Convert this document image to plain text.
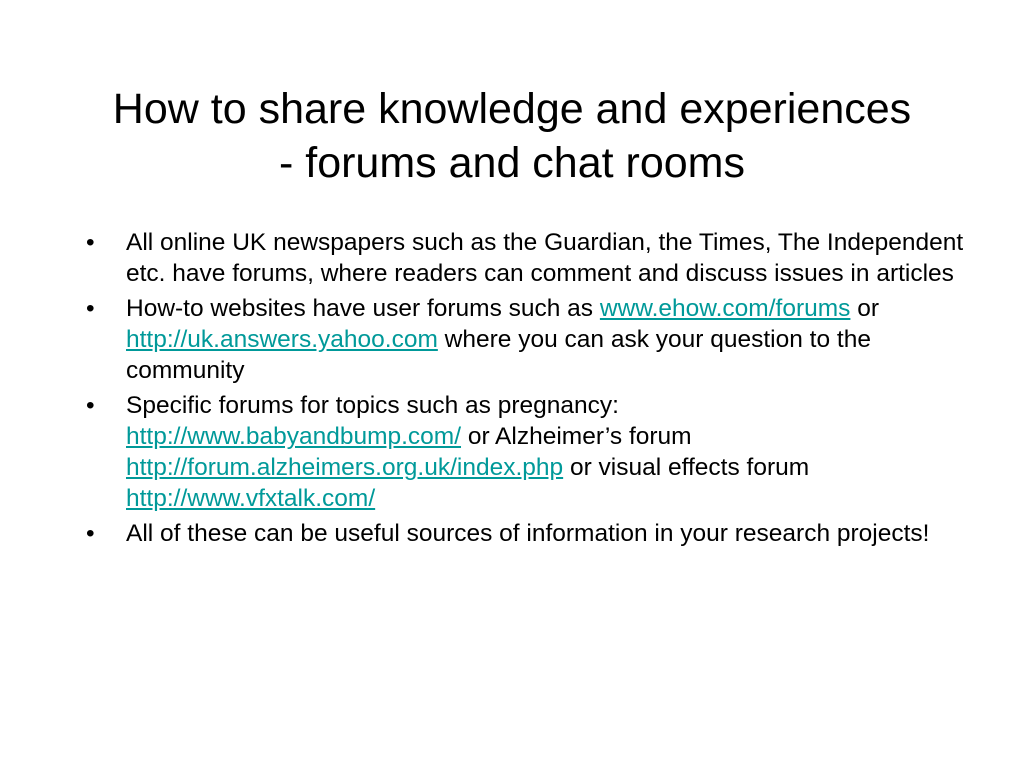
How to share knowledge and experiences
- forums and chat rooms
•	All online UK newspapers such as the Guardian, the Times, The Independent etc. have forums, where readers can comment and discuss issues in articles
•	How-to websites have user forums such as www.ehow.com/forums or http://uk.answers.yahoo.com where you can ask your question to the community
•	Specific forums for topics such as pregnancy:
http://www.babyandbump.com/ or Alzheimer’s forum
http://forum.alzheimers.org.uk/index.php or visual effects forum
http://www.vfxtalk.com/
•	All of these can be useful sources of information in your research projects!
